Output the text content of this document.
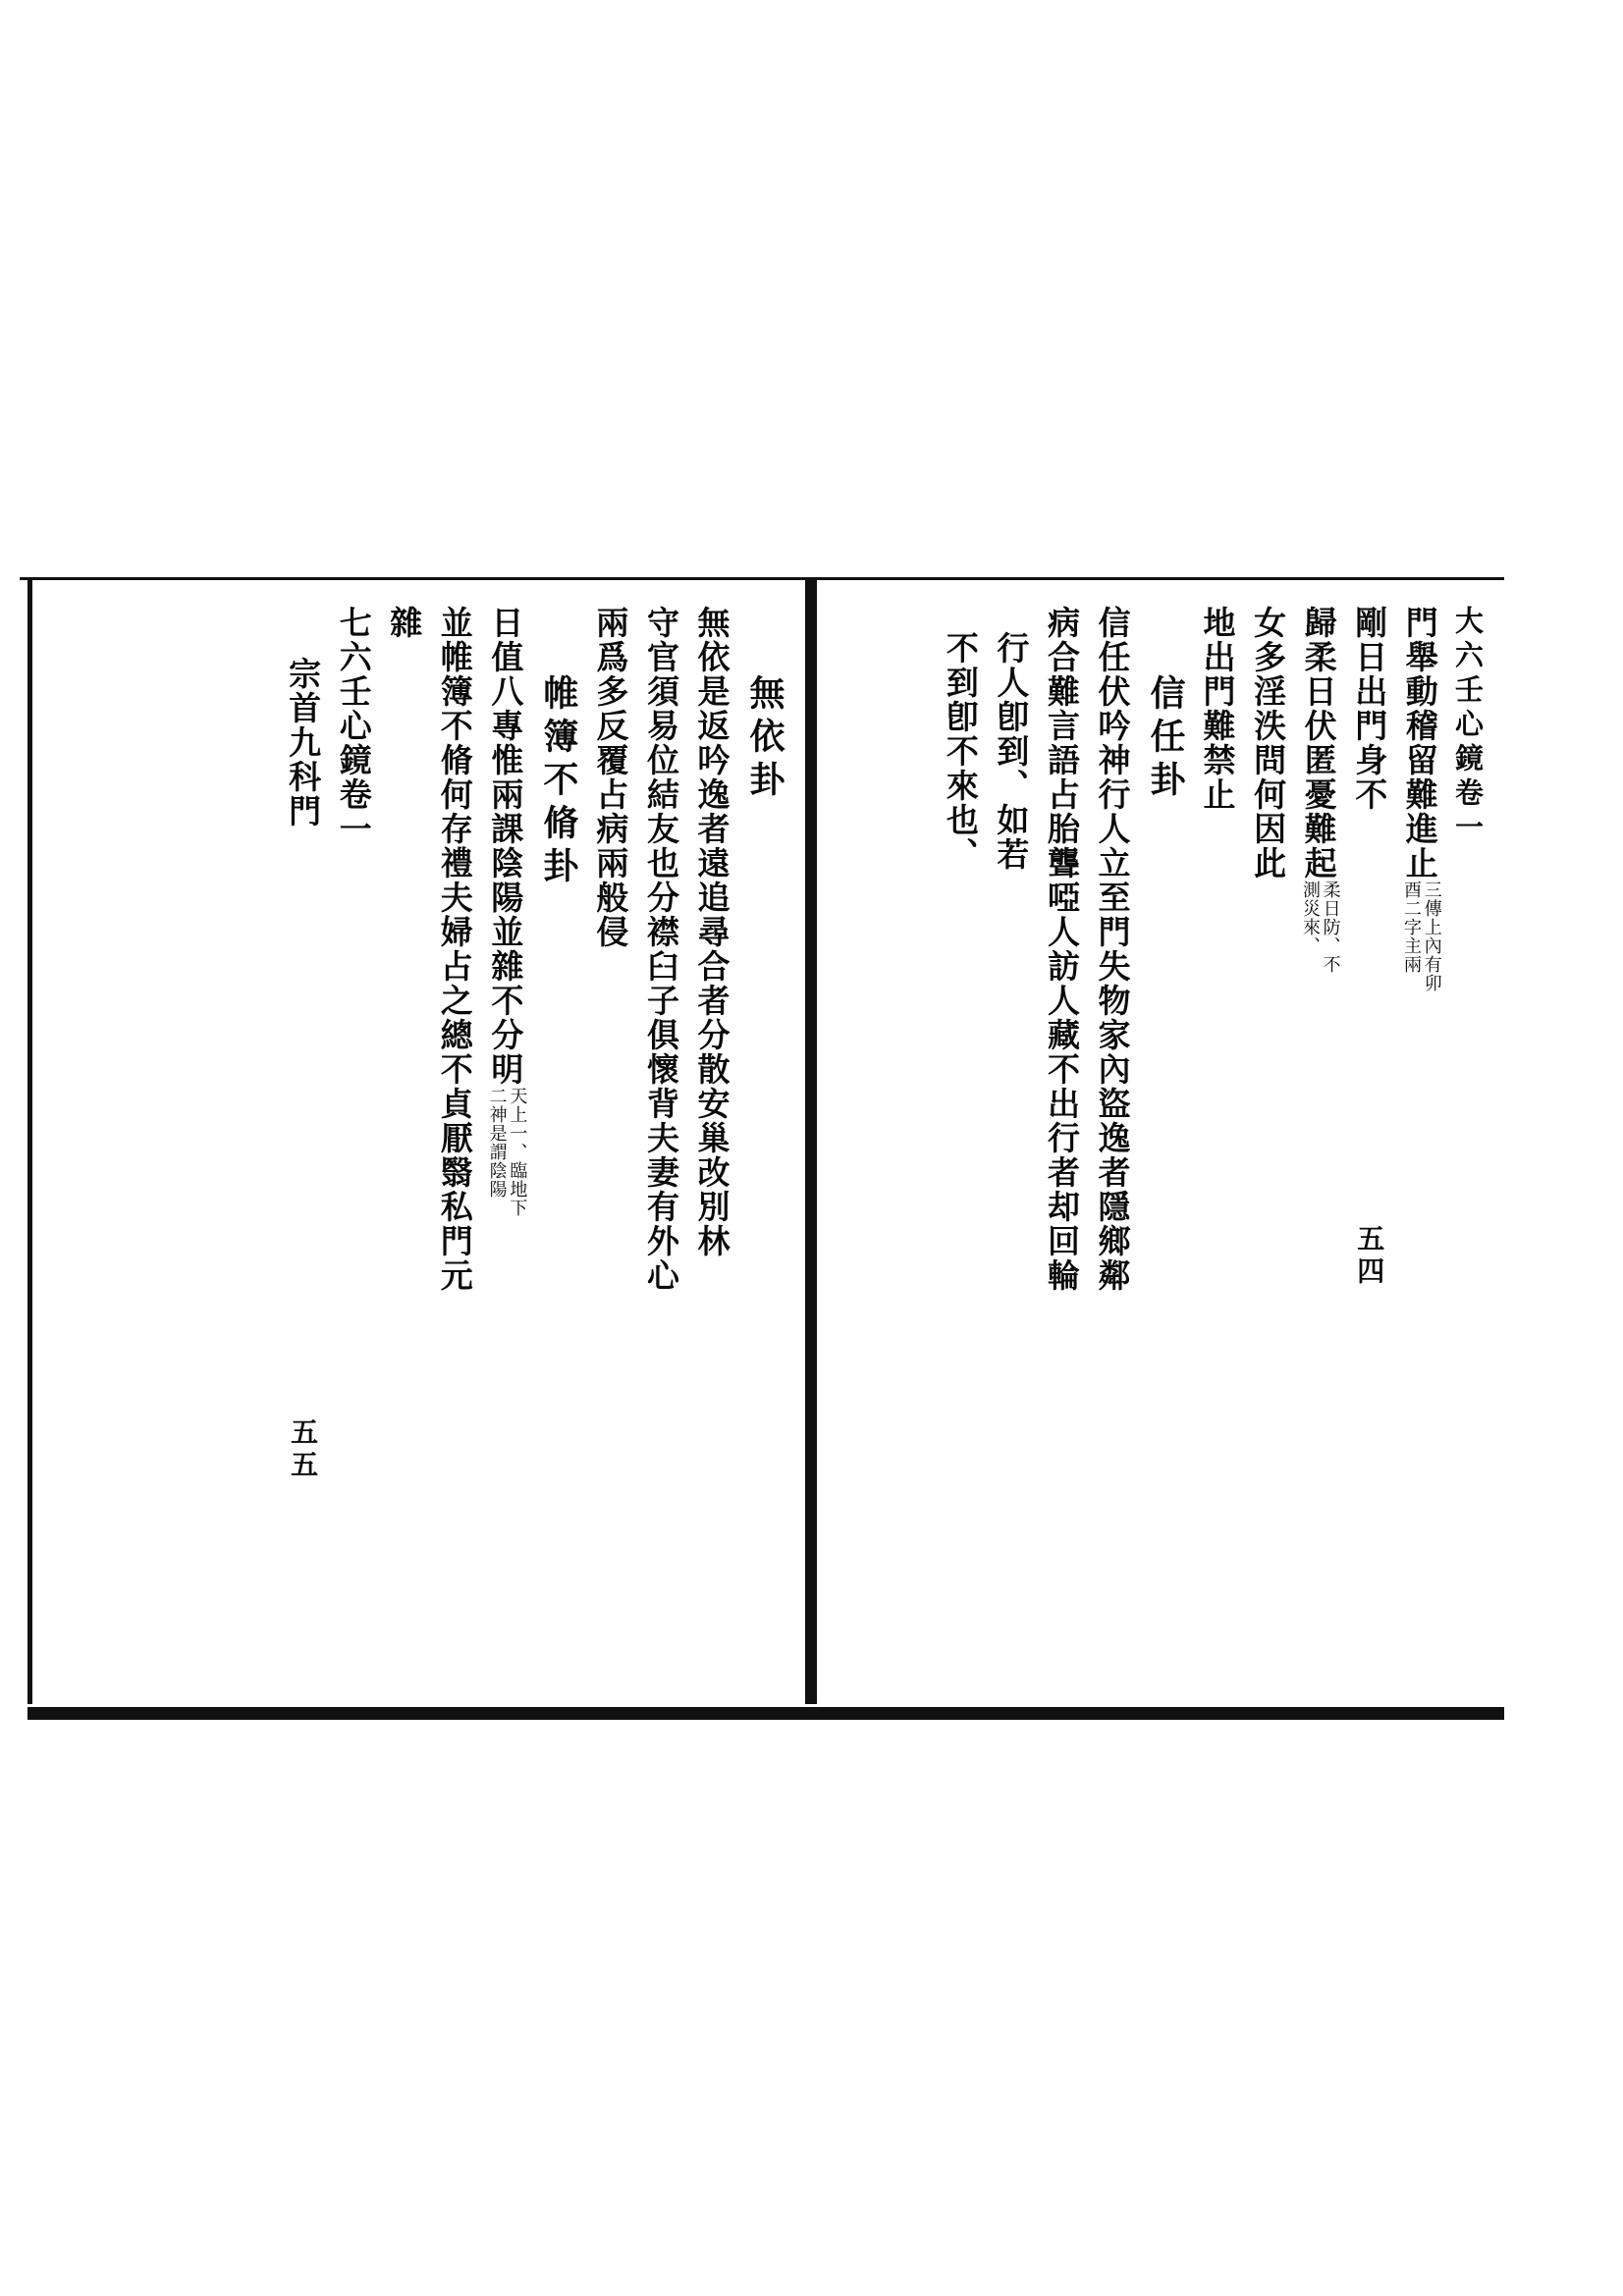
大六壬心鏡卷一
門舉動稽留難進止
三傳上內有卯
酉二字主兩
剛日出門身不五四
歸柔日伏匿憂難起
柔日防、不
測災來、
女多淫泆問何因此
地出門難禁止
信任卦
信任伏吟神行人立至門失物家內盜逸者隱鄉鄰
病合難言語占胎聾啞人訪人藏不出行者却回輪
行人卽到、如若
不到卽不來也、
無依卦
無依是返吟逸者遠追尋合者分散安巢改別林
守官須易位結友也分襟臼子俱懷背夫妻有外心
兩爲多反覆占病兩般侵
帷簿不脩卦
日值八專惟兩課陰陽並雜不分明
天上一、臨地下
二神是謂陰陽
並帷簿不脩何存禮夫婦占之總不貞厭翳私門元
雜
七六壬心鏡卷一
宗首九科門五五
